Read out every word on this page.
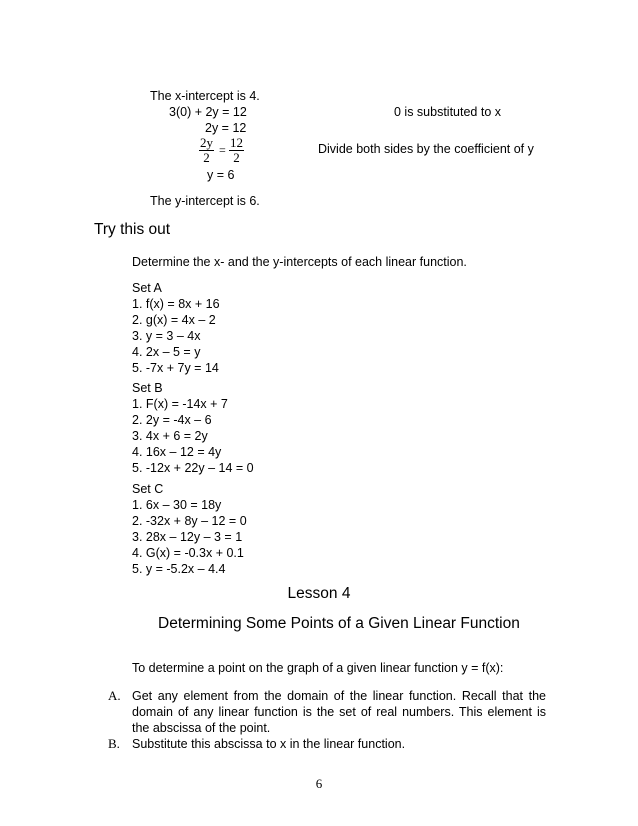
The x-intercept is 4.
3(0) + 2y = 12	0 is substituted to x
2y = 12
$\frac{2y}{2} = \frac{12}{2}$	Divide both sides by the coefficient of y
y = 6
The y-intercept is 6.
Try this out
Determine the x- and the y-intercepts of each linear function.
Set A
1. f(x) = 8x + 16
2. g(x) = 4x – 2
3. y = 3 – 4x
4. 2x – 5 = y
5. -7x + 7y = 14
Set B
1. F(x) = -14x + 7
2. 2y = -4x – 6
3. 4x + 6 = 2y
4. 16x – 12 = 4y
5. -12x + 22y – 14 = 0
Set C
1. 6x – 30 = 18y
2. -32x + 8y – 12 = 0
3. 28x – 12y – 3 = 1
4. G(x) = -0.3x + 0.1
5. y = -5.2x – 4.4
Lesson 4
Determining Some Points of a Given Linear Function
To determine a point on the graph of a given linear function y = f(x):
A. Get any element from the domain of the linear function. Recall that the domain of any linear function is the set of real numbers. This element is the abscissa of the point.
B. Substitute this abscissa to x in the linear function.
6
